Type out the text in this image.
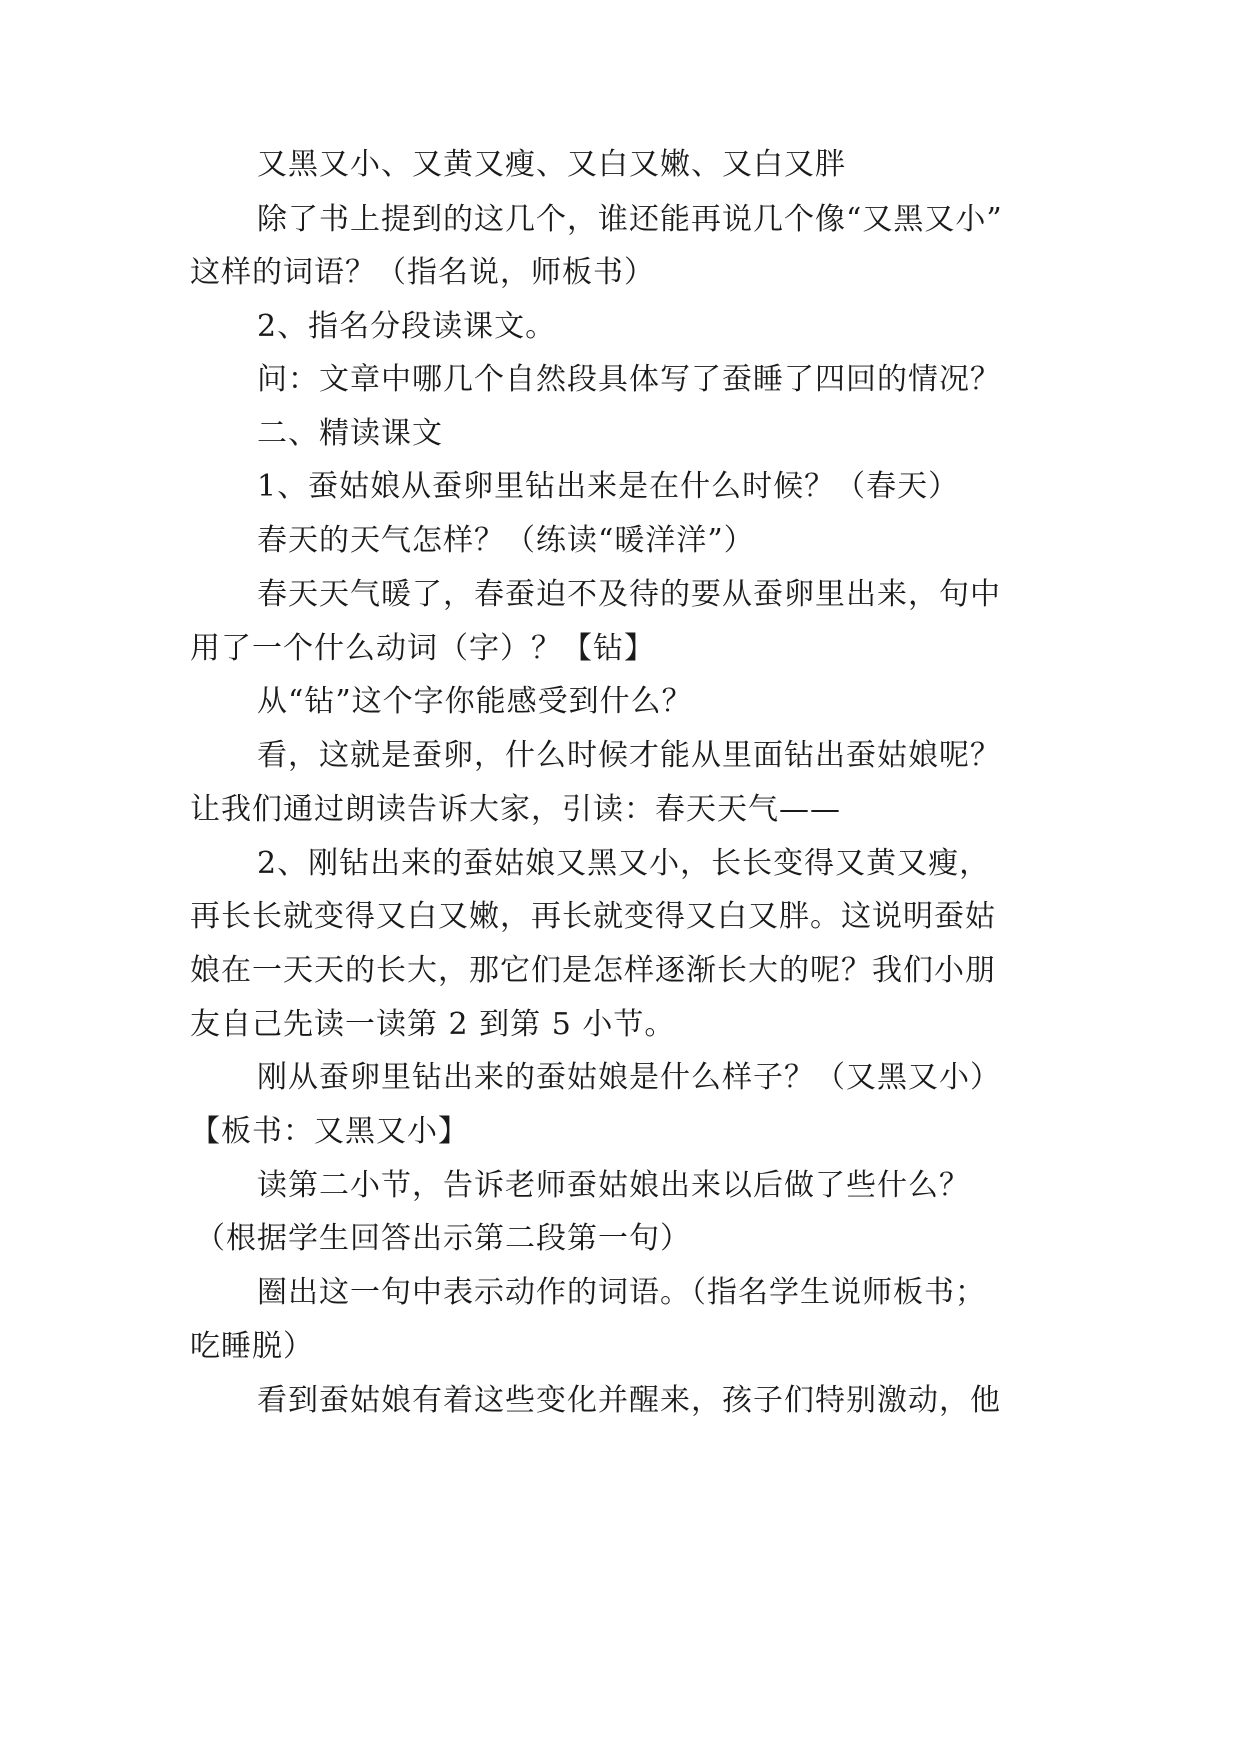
又黑又小、又黄又瘦、又白又嫩、又白又胖
除了书上提到的这几个，谁还能再说几个像“又黑又小”
这样的词语？（指名说，师板书）
2、指名分段读课文。
问：文章中哪几个自然段具体写了蚕睡了四回的情况？
二、精读课文
1、蚕姑娘从蚕卵里钻出来是在什么时候？（春天）
春天的天气怎样？（练读“暖洋洋”）
春天天气暖了，春蚕迫不及待的要从蚕卵里出来，句中
用了一个什么动词（字）？【钻】
从“钻”这个字你能感受到什么？
看，这就是蚕卵，什么时候才能从里面钻出蚕姑娘呢？
让我们通过朗读告诉大家，引读：春天天气——
2、刚钻出来的蚕姑娘又黑又小，长长变得又黄又瘦，
再长长就变得又白又嫩，再长就变得又白又胖。这说明蚕姑
娘在一天天的长大，那它们是怎样逐渐长大的呢？我们小朋
友自己先读一读第 2 到第 5 小节。
刚从蚕卵里钻出来的蚕姑娘是什么样子？（又黑又小）
【板书：又黑又小】
读第二小节，告诉老师蚕姑娘出来以后做了些什么？
（根据学生回答出示第二段第一句）
圈出这一句中表示动作的词语。（指名学生说师板书；
吃睡脱）
看到蚕姑娘有着这些变化并醒来，孩子们特别激动，他
